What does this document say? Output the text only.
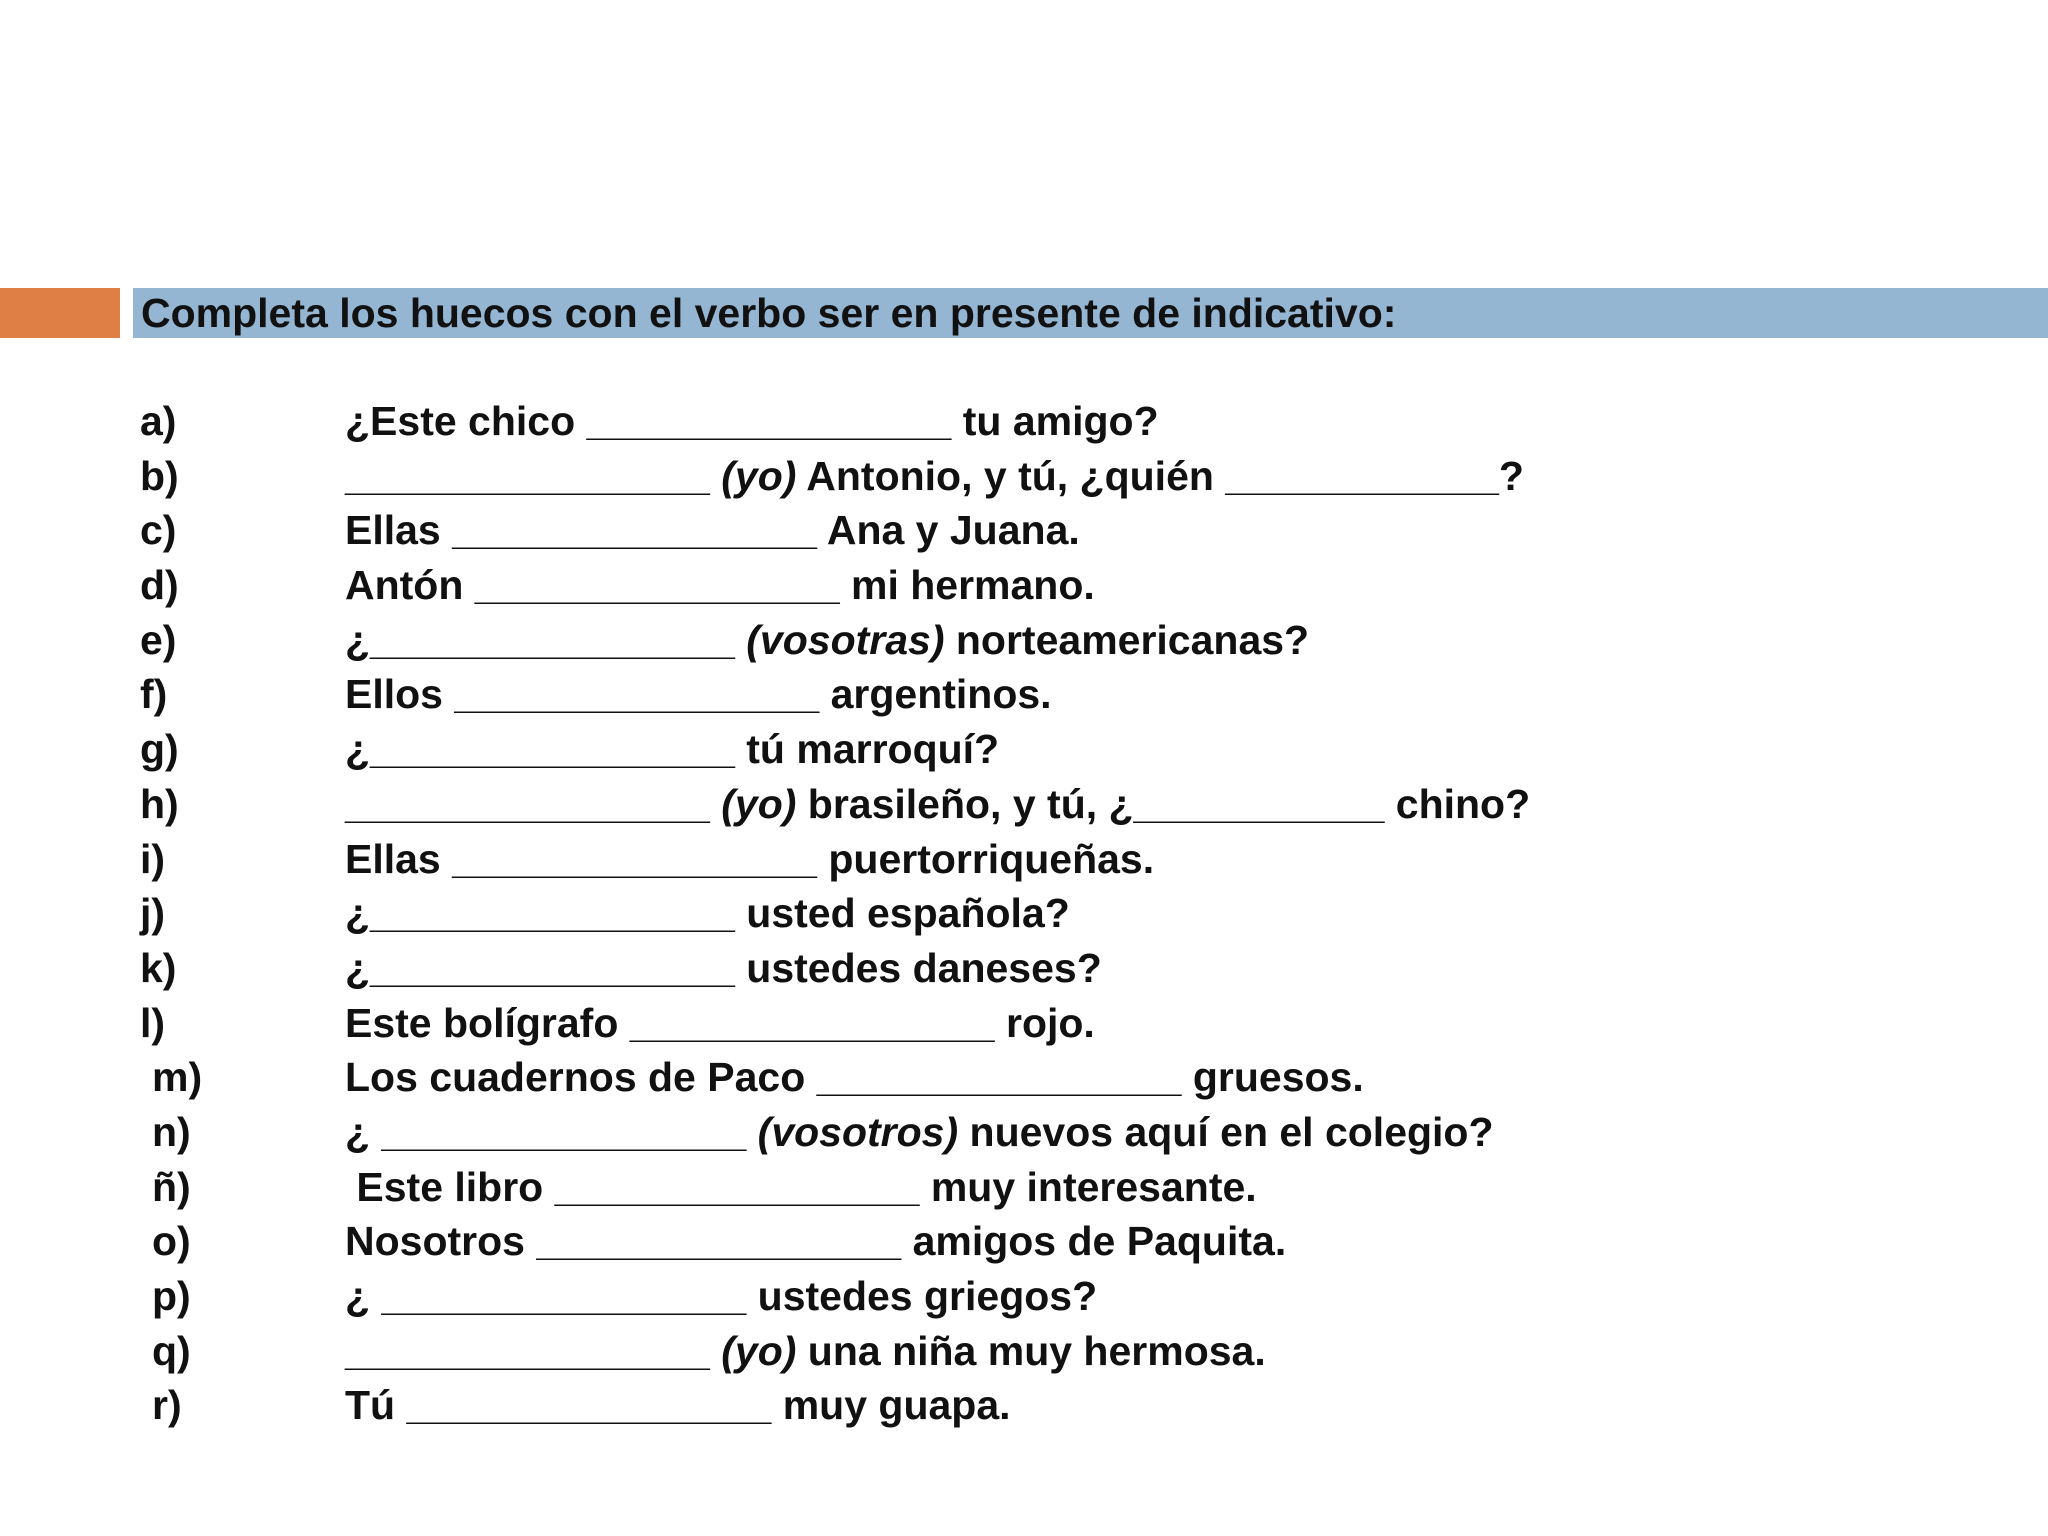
Completa los huecos con el verbo ser en presente de indicativo:
a)	¿Este chico ________________ tu amigo?
b)	________________ (yo) Antonio, y tú, ¿quién ____________?
c)	Ellas ________________ Ana y Juana.
d)	Antón ________________ mi hermano.
e)	¿________________ (vosotras) norteamericanas?
f)	Ellos ________________ argentinos.
g)	¿________________ tú marroquí?
h)	________________ (yo) brasileño, y tú, ¿___________ chino?
i)	Ellas ________________ puertorriqueñas.
j)	¿________________ usted española?
k)	¿________________ ustedes daneses?
l)	Este bolígrafo ________________ rojo.
m)	Los cuadernos de Paco ________________ gruesos.
n)	¿ ________________ (vosotros) nuevos aquí en el colegio?
ñ)	Este libro ________________ muy interesante.
o)	Nosotros ________________ amigos de Paquita.
p)	¿ ________________ ustedes griegos?
q)	________________ (yo) una niña muy hermosa.
r)	Tú ________________ muy guapa.
